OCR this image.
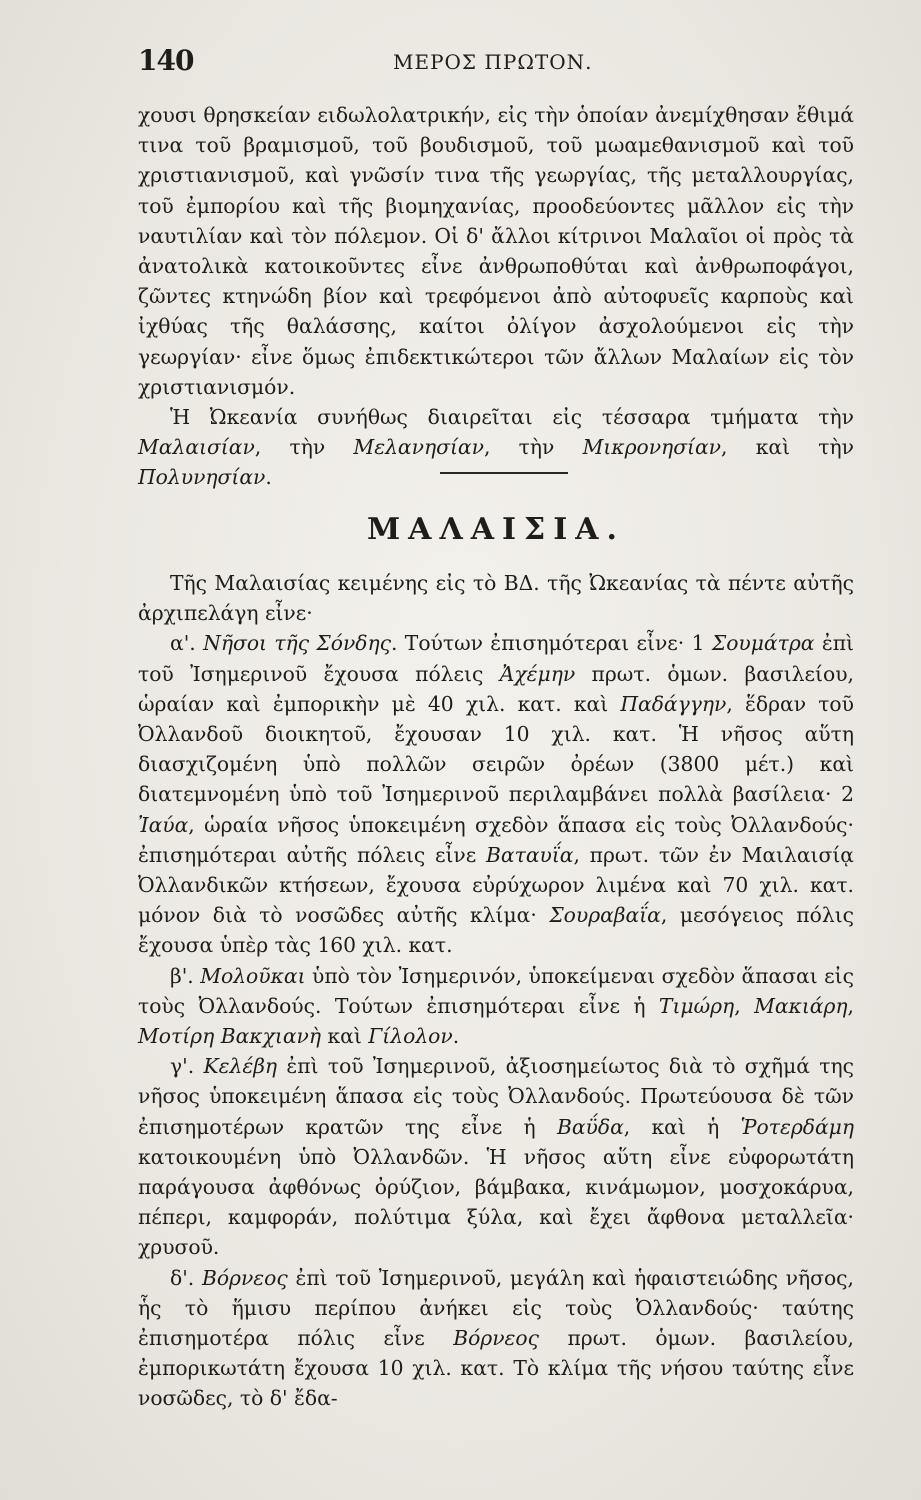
140	ΜΕΡΟΣ ΠΡΩΤΟΝ.

χουσι θρησκείαν ειδωλολατρικήν, εἰς τὴν ὁποίαν ἀνεμίχθησαν ἔθιμά τινα τοῦ βραμισμοῦ, τοῦ βουδισμοῦ, τοῦ μωαμεθανισμοῦ καὶ τοῦ χριστιανισμοῦ, καὶ γνῶσίν τινα τῆς γεωργίας, τῆς μεταλλουργίας, τοῦ ἐμπορίου καὶ τῆς βιομηχανίας, προοδεύοντες μᾶλλον εἰς τὴν ναυτιλίαν καὶ τὸν πόλεμον. Οἱ δ' ἄλλοι κίτρινοι Μαλαῖοι οἱ πρὸς τὰ ἀνατολικὰ κατοικοῦντες εἶνε ἀνθρωποθύται καὶ ἀνθρωποφάγοι, ζῶντες κτηνώδη βίον καὶ τρεφόμενοι ἀπὸ αὐτοφυεῖς καρποὺς καὶ ἰχθύας τῆς θαλάσσης, καίτοι ὀλίγον ἀσχολούμενοι εἰς τὴν γεωργίαν· εἶνε ὅμως ἐπιδεκτικώτεροι τῶν ἄλλων Μαλαίων εἰς τὸν χριστιανισμόν.

Ἡ Ὠκεανία συνήθως διαιρεῖται εἰς τέσσαρα τμήματα τὴν Μαλαισίαν, τὴν Μελανησίαν, τὴν Μικρονησίαν, καὶ τὴν Πολυνησίαν.

ΜΑΛΑΙΣΙΑ.

Τῆς Μαλαισίας κειμένης εἰς τὸ ΒΔ. τῆς Ὠκεανίας τὰ πέντε αὐτῆς ἀρχιπελάγη εἶνε·

α'. Νῆσοι τῆς Σόνδης. Τούτων ἐπισημότεραι εἶνε· 1 Σουμάτρα ἐπὶ τοῦ Ἰσημερινοῦ ἔχουσα πόλεις Ἀχέμην πρωτ. ὁμων. βασιλείου, ὡραίαν καὶ ἐμπορικὴν μὲ 40 χιλ. κατ. καὶ Παδάγγην, ἕδραν τοῦ Ὀλλανδοῦ διοικητοῦ, ἔχουσαν 10 χιλ. κατ. Ἡ νῆσος αὕτη διασχιζομένη ὑπὸ πολλῶν σειρῶν ὀρέων (3800 μέτ.) καὶ διατεμνομένη ὑπὸ τοῦ Ἰσημερινοῦ περιλαμβάνει πολλὰ βασίλεια· 2 Ἰαύα, ὡραία νῆσος ὑποκειμένη σχεδὸν ἅπασα εἰς τοὺς Ὀλλανδούς· ἐπισημότεραι αὐτῆς πόλεις εἶνε Βαταυΐα, πρωτ. τῶν ἐν Μαιλαισίᾳ Ὀλλανδικῶν κτήσεων, ἔχουσα εὐρύχωρον λιμένα καὶ 70 χιλ. κατ. μόνον διὰ τὸ νοσῶδες αὐτῆς κλίμα· Σουραβαΐα, μεσόγειος πόλις ἔχουσα ὑπὲρ τὰς 160 χιλ. κατ.

β'. Μολοῦκαι ὑπὸ τὸν Ἰσημερινόν, ὑποκείμεναι σχεδὸν ἅπασαι εἰς τοὺς Ὀλλανδούς. Τούτων ἐπισημότεραι εἶνε ἡ Τιμώρη, Μακιάρη, Μοτίρη Βακχιανὴ καὶ Γίλολον.

γ'. Κελέβη ἐπὶ τοῦ Ἰσημερινοῦ, ἀξιοσημείωτος διὰ τὸ σχῆμά της νῆσος ὑποκειμένη ἅπασα εἰς τοὺς Ὀλλανδούς. Πρωτεύουσα δὲ τῶν ἐπισημοτέρων κρατῶν της εἶνε ἡ Βαΰδα, καὶ ἡ Ῥοτερδάμη κατοικουμένη ὑπὸ Ὀλλανδῶν. Ἡ νῆσος αὕτη εἶνε εὐφορωτάτη παράγουσα ἀφθόνως ὀρύζιον, βάμβακα, κινάμωμον, μοσχοκάρυα, πέπερι, καμφοράν, πολύτιμα ξύλα, καὶ ἔχει ἄφθονα μεταλλεῖα· χρυσοῦ.

δ'. Βόρνεος ἐπὶ τοῦ Ἰσημερινοῦ, μεγάλη καὶ ἡφαιστειώδης νῆσος, ἧς τὸ ἥμισυ περίπου ἀνήκει εἰς τοὺς Ὀλλανδούς· ταύτης ἐπισημοτέρα πόλις εἶνε Βόρνεος πρωτ. ὁμων. βασιλείου, ἐμπορικωτάτη ἔχουσα 10 χιλ. κατ. Τὸ κλίμα τῆς νήσου ταύτης εἶνε νοσῶδες, τὸ δ' ἔδα-
